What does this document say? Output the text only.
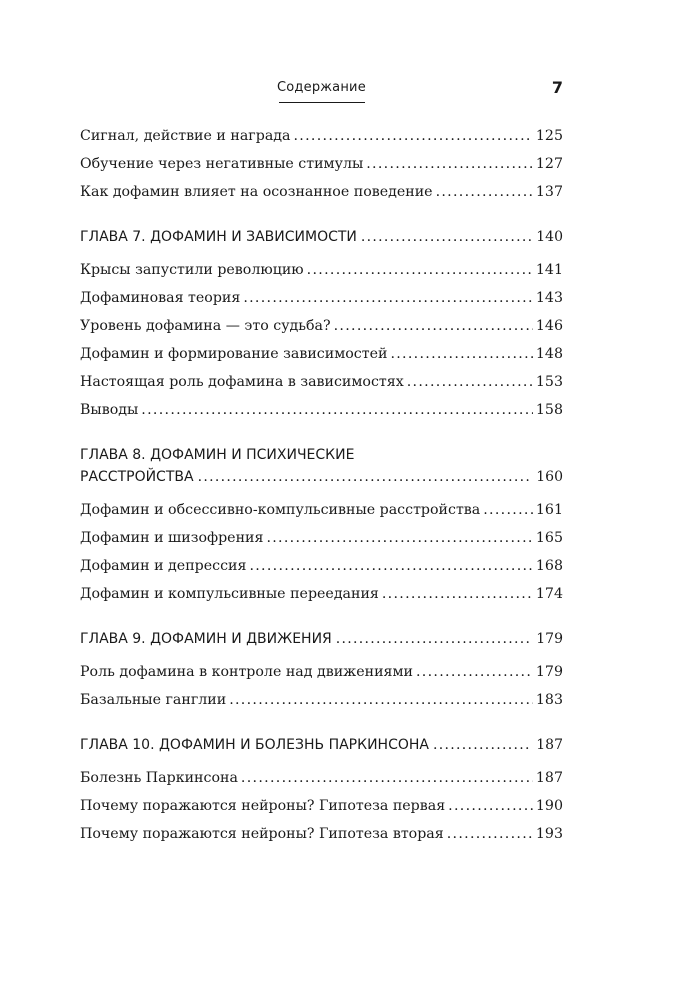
Содержание	7
Сигнал, действие и награда .....	125
Обучение через негативные стимулы .....	127
Как дофамин влияет на осознанное поведение .....	137
ГЛАВА 7. ДОФАМИН И ЗАВИСИМОСТИ .....	140
Крысы запустили революцию .....	141
Дофаминовая теория .....	143
Уровень дофамина — это судьба? .....	146
Дофамин и формирование зависимостей .....	148
Настоящая роль дофамина в зависимостях .....	153
Выводы .....	158
ГЛАВА 8. ДОФАМИН И ПСИХИЧЕСКИЕ
РАССТРОЙСТВА .....	160
Дофамин и обсессивно-компульсивные расстройства .....	161
Дофамин и шизофрения .....	165
Дофамин и депрессия .....	168
Дофамин и компульсивные переедания .....	174
ГЛАВА 9. ДОФАМИН И ДВИЖЕНИЯ .....	179
Роль дофамина в контроле над движениями .....	179
Базальные ганглии .....	183
ГЛАВА 10. ДОФАМИН И БОЛЕЗНЬ ПАРКИНСОНА .....	187
Болезнь Паркинсона .....	187
Почему поражаются нейроны? Гипотеза первая .....	190
Почему поражаются нейроны? Гипотеза вторая .....	193
